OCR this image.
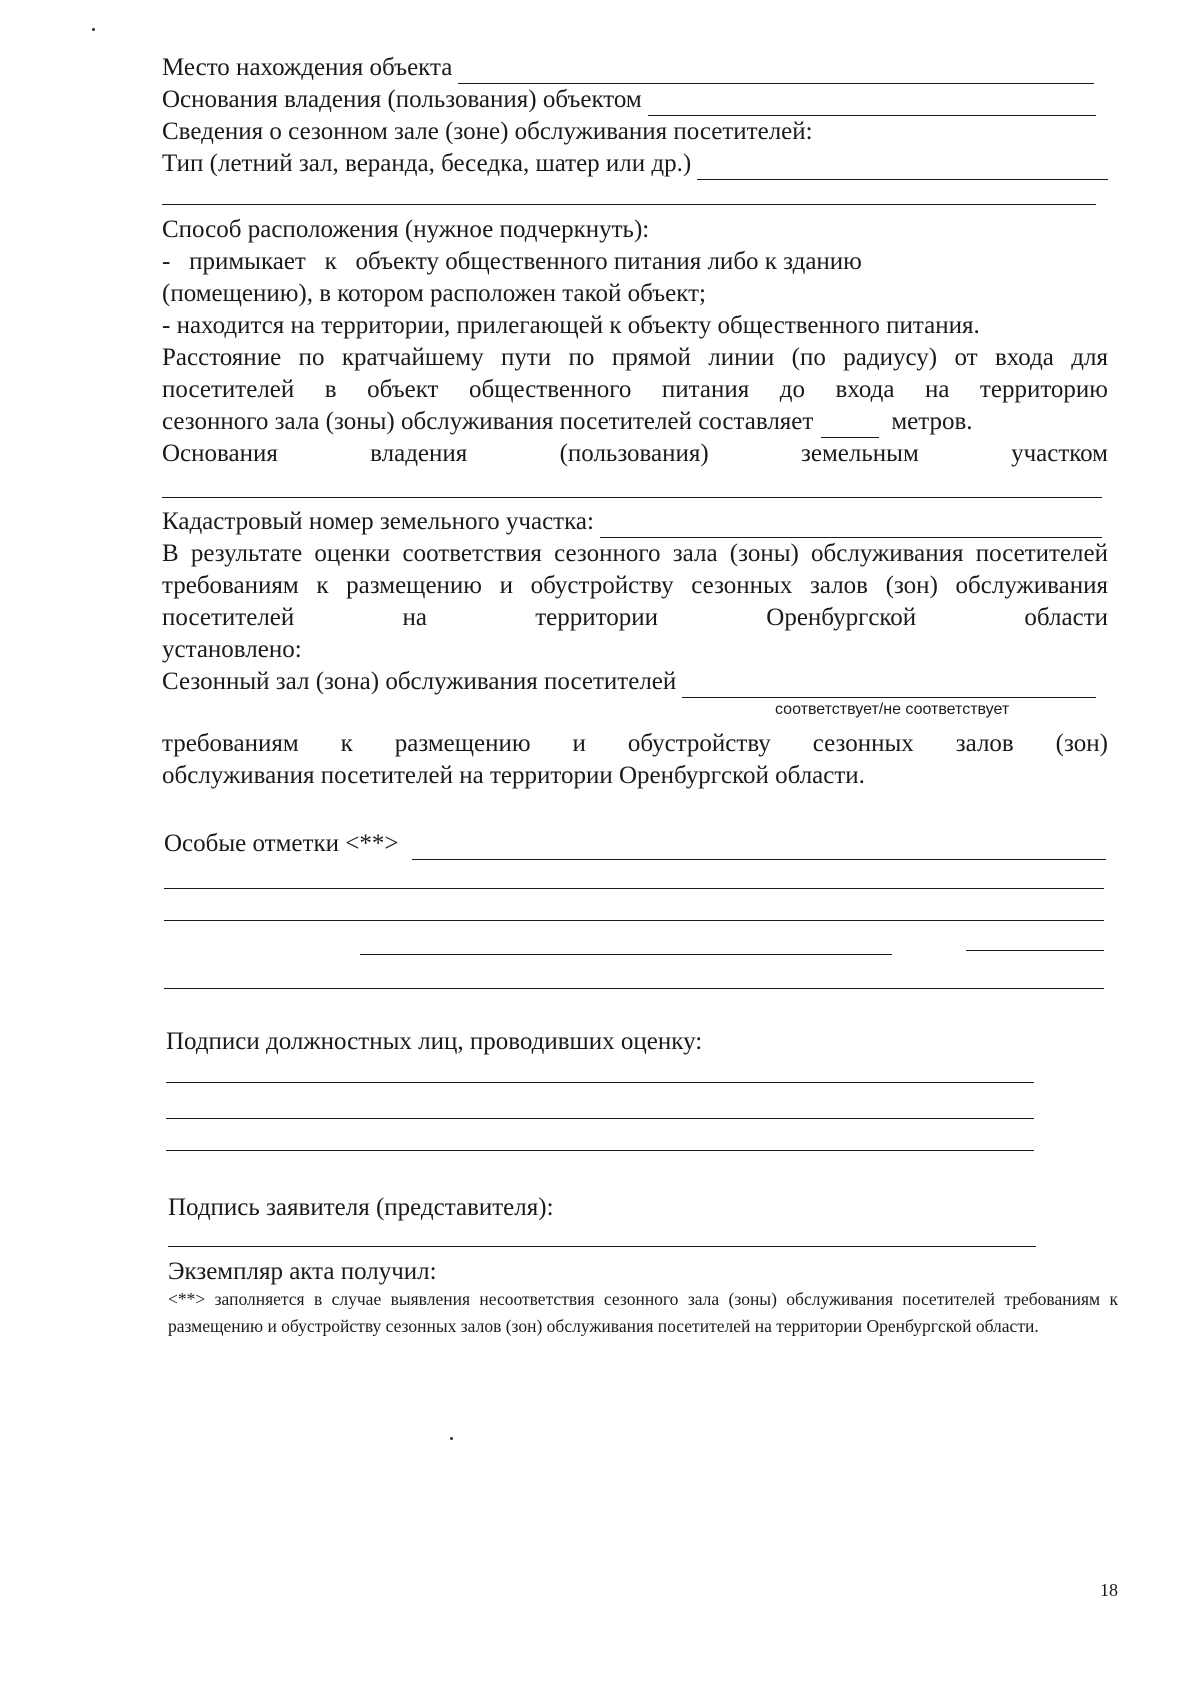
Место нахождения объекта
Основания владения (пользования) объектом
Сведения о сезонном зале (зоне) обслуживания посетителей:
Тип (летний зал, веранда, беседка, шатер или др.)
Способ расположения (нужное подчеркнуть):
-   примыкает   к   объекту общественного питания либо к зданию
(помещению), в котором расположен такой объект;
- находится на территории, прилегающей к объекту общественного питания.
Расстояние по кратчайшему пути по прямой линии (по радиусу) от входа для посетителей в объект общественного питания до входа на территорию
сезонного зала (зоны) обслуживания посетителей составляет	метров.
Основания	владения	(пользования)	земельным	участком
Кадастровый номер земельного участка:
В результате оценки соответствия сезонного зала (зоны) обслуживания посетителей требованиям к размещению и обустройству сезонных залов (зон) обслуживания посетителей на территории Оренбургской области
установлено:
Сезонный зал (зона) обслуживания посетителей
соответствует/не соответствует
требованиям к размещению и обустройству сезонных залов (зон)
обслуживания посетителей на территории Оренбургской области.
Особые отметки <**>
Подписи должностных лиц, проводивших оценку:
Подпись заявителя (представителя):
Экземпляр акта получил:
<**> заполняется в случае выявления несоответствия сезонного зала (зоны) обслуживания посетителей требованиям к размещению и обустройству сезонных залов (зон) обслуживания посетителей на территории Оренбургской области.
18
